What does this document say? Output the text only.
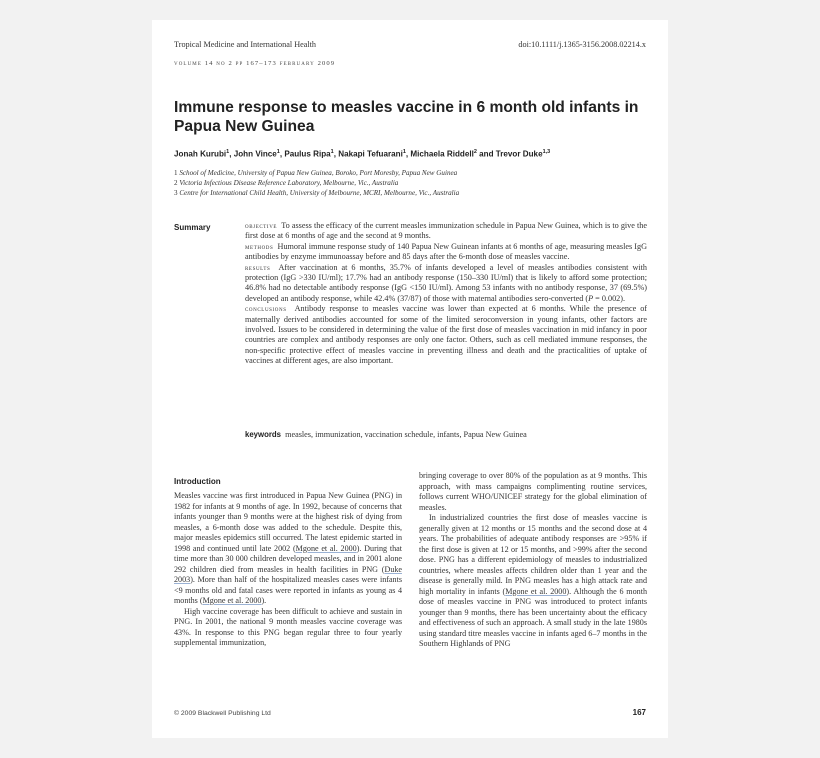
Tropical Medicine and International Health	doi:10.1111/j.1365-3156.2008.02214.x
volume 14 no 2 pp 167–173 february 2009
Immune response to measles vaccine in 6 month old infants in Papua New Guinea
Jonah Kurubi$^1$, John Vince$^1$, Paulus Ripa$^1$, Nakapi Tefuarani$^1$, Michaela Riddell$^2$ and Trevor Duke$^{1,3}$
1 School of Medicine, University of Papua New Guinea, Boroko, Port Moresby, Papua New Guinea
2 Victoria Infectious Disease Reference Laboratory, Melbourne, Vic., Australia
3 Centre for International Child Health, University of Melbourne, MCRI, Melbourne, Vic., Australia
Summary	objective To assess the efficacy of the current measles immunization schedule in Papua New Guinea, which is to give the first dose at 6 months of age and the second at 9 months.

methods Humoral immune response study of 140 Papua New Guinean infants at 6 months of age, measuring measles IgG antibodies by enzyme immunoassay before and 85 days after the 6-month dose of measles vaccine.

results After vaccination at 6 months, 35.7% of infants developed a level of measles antibodies consistent with protection (IgG >330 IU/ml); 17.7% had an antibody response (150–330 IU/ml) that is likely to afford some protection; 46.8% had no detectable antibody response (IgG <150 IU/ml). Among 53 infants with no antibody response, 37 (69.5%) developed an antibody response, while 42.4% (37/87) of those with maternal antibodies sero-converted (P = 0.002).

conclusions Antibody response to measles vaccine was lower than expected at 6 months. While the presence of maternally derived antibodies accounted for some of the limited seroconversion in young infants, other factors are involved. Issues to be considered in determining the value of the first dose of measles vaccination in mid infancy in poor countries are complex and antibody responses are only one factor. Others, such as cell mediated immune responses, the non-specific protective effect of measles vaccine in preventing illness and death and the practicalities of uptake of vaccines at different ages, are also important.

keywords measles, immunization, vaccination schedule, infants, Papua New Guinea
Introduction

Measles vaccine was first introduced in Papua New Guinea (PNG) in 1982 for infants at 9 months of age. In 1992, because of concerns that infants younger than 9 months were at the highest risk of dying from measles, a 6-month dose was added to the schedule. Despite this, major measles epidemics still occurred. The latest epidemic started in 1998 and continued until late 2002 (Mgone et al. 2000). During that time more than 30 000 children developed measles, and in 2001 alone 292 children died from measles in health facilities in PNG (Duke 2003). More than half of the hospitalized measles cases were infants <9 months old and fatal cases were reported in infants as young as 4 months (Mgone et al. 2000).

High vaccine coverage has been difficult to achieve and sustain in PNG. In 2001, the national 9 month measles vaccine coverage was 43%. In response to this PNG began regular three to four yearly supplemental immunization,

bringing coverage to over 80% of the population as at 9 months. This approach, with mass campaigns complimenting routine services, follows current WHO/UNICEF strategy for the global elimination of measles.

In industrialized countries the first dose of measles vaccine is generally given at 12 months or 15 months and the second dose at 4 years. The probabilities of adequate antibody responses are >95% if the first dose is given at 12 or 15 months, and >99% after the second dose. PNG has a different epidemiology of measles to industrialized countries, where measles affects children older than 1 year and the disease is generally mild. In PNG measles has a high attack rate and high mortality in infants (Mgone et al. 2000). Although the 6 month dose of measles vaccine in PNG was introduced to protect infants younger than 9 months, there has been uncertainty about the efficacy and effectiveness of such an approach. A small study in the late 1980s using standard titre measles vaccine in infants aged 6–7 months in the Southern Highlands of PNG

© 2009 Blackwell Publishing Ltd	167
